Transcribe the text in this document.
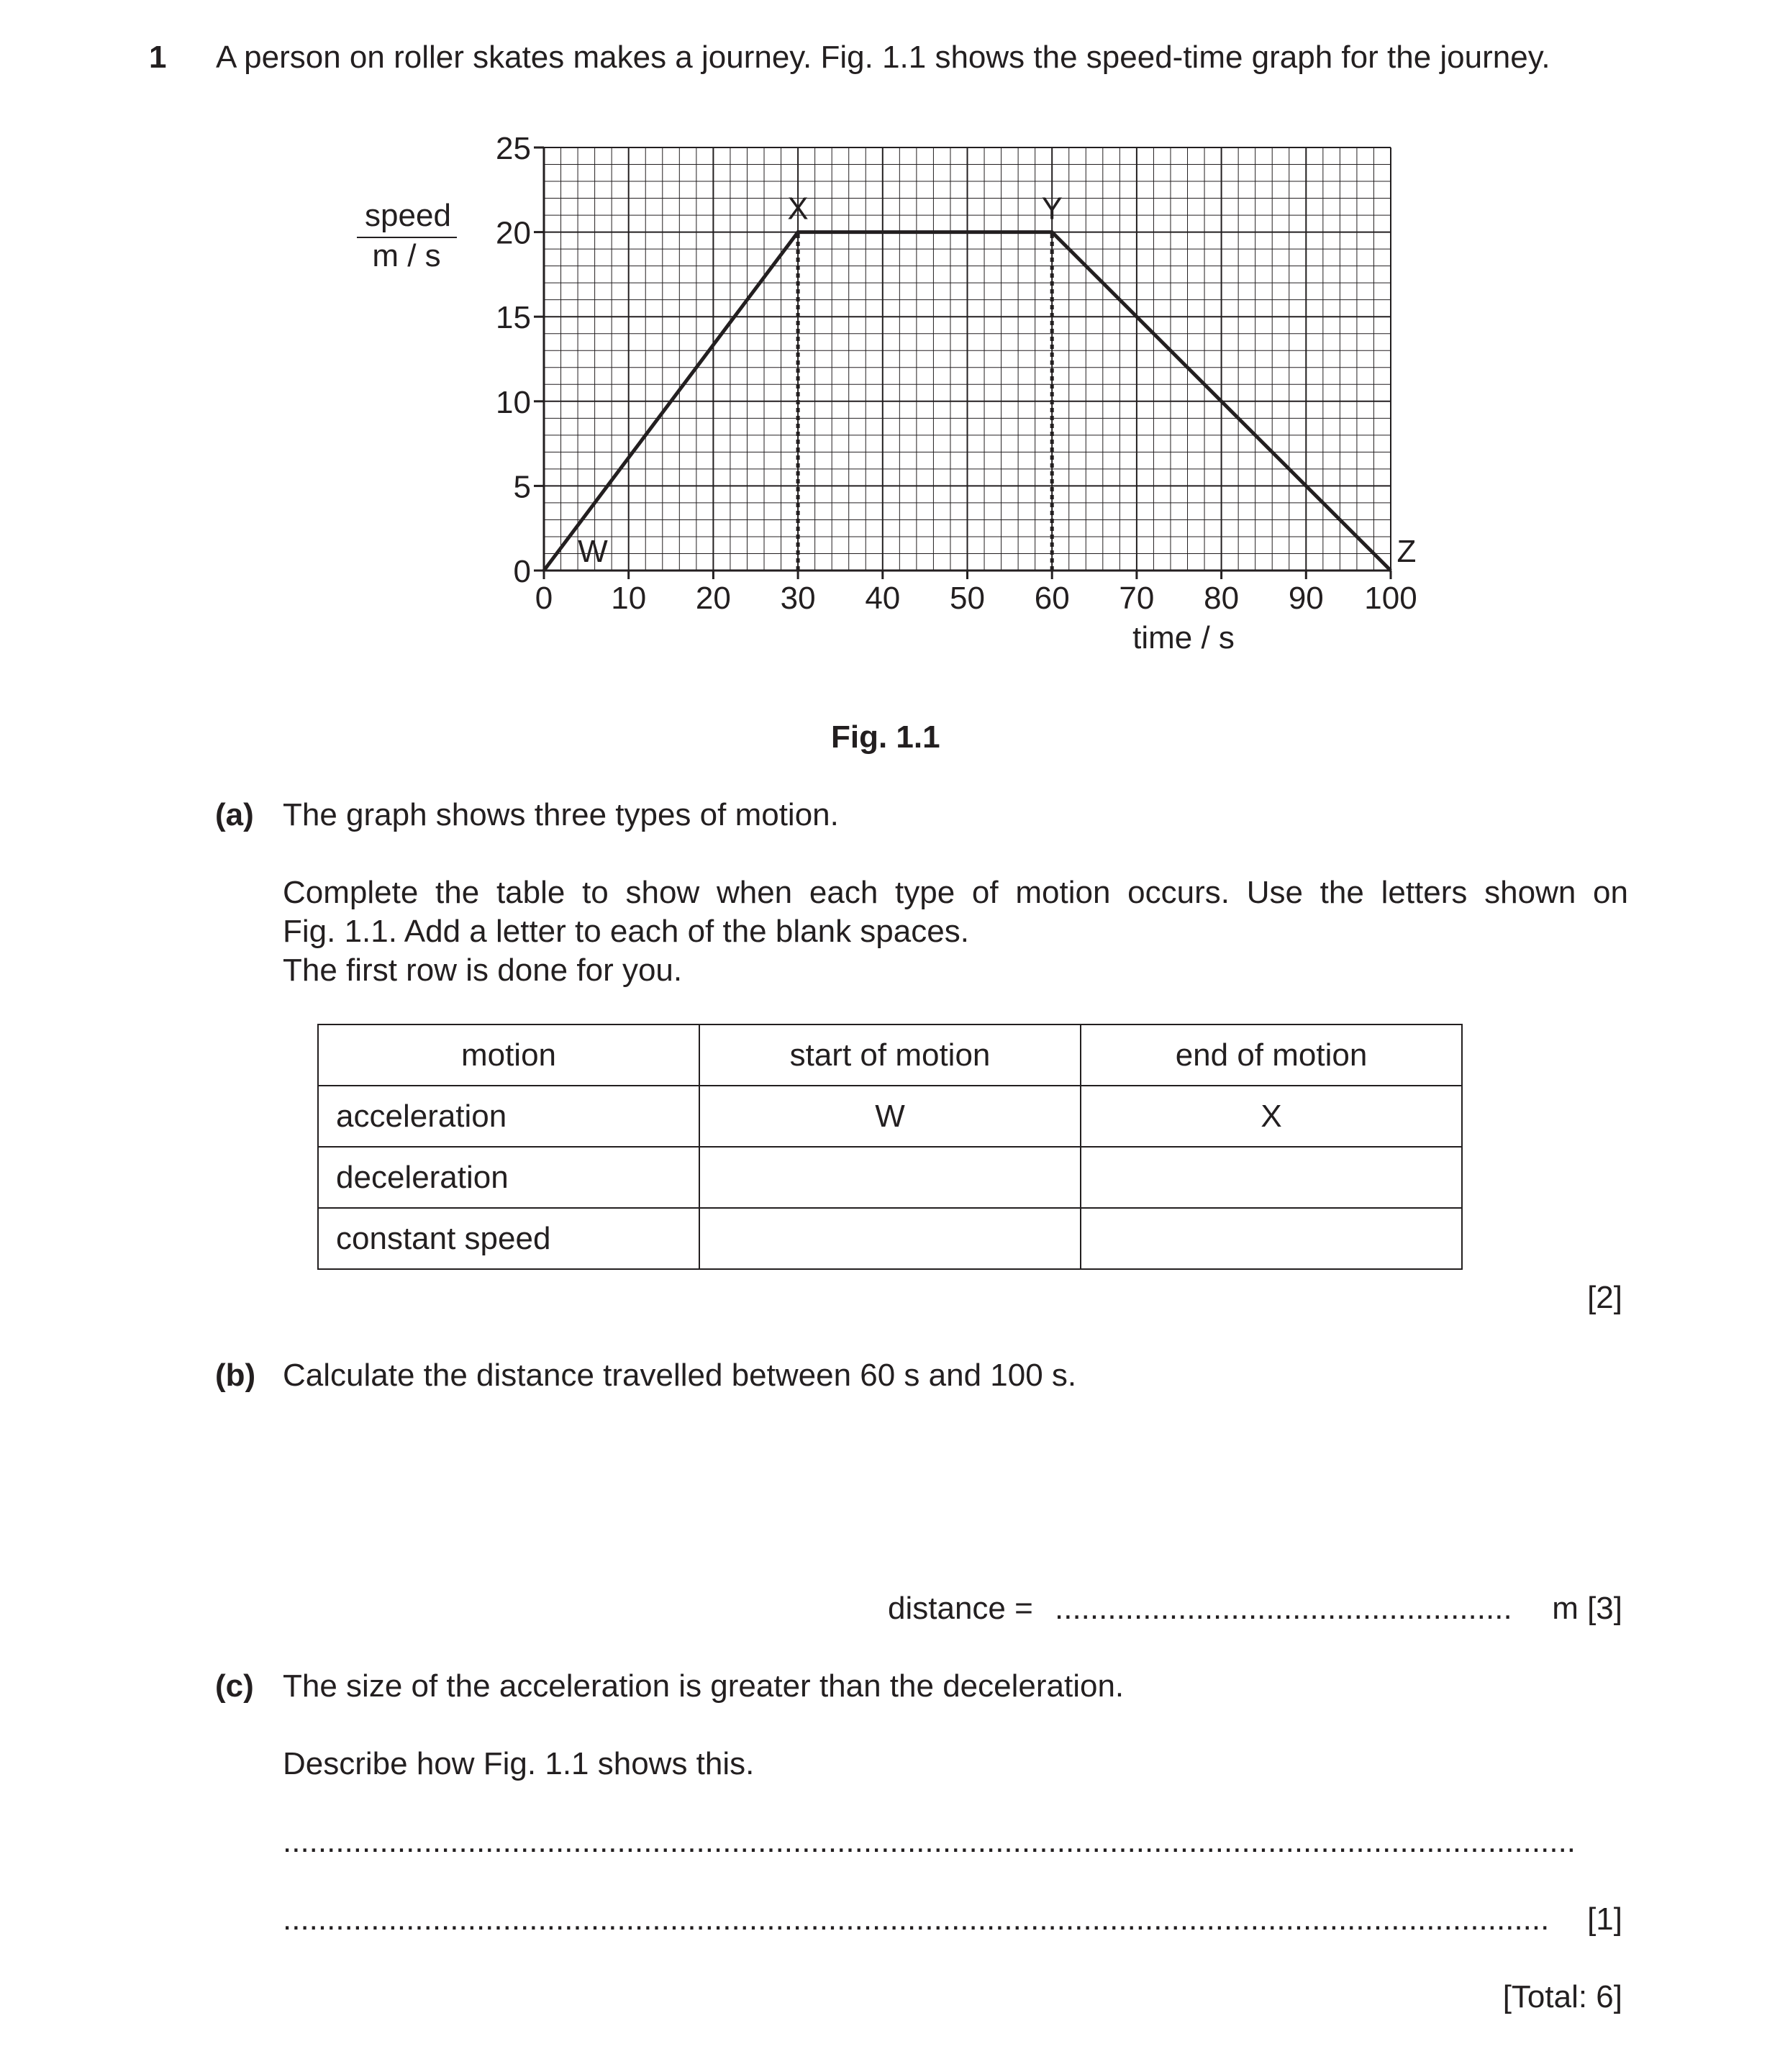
1 A person on roller skates makes a journey. Fig. 1.1 shows the speed-time graph for the journey.
0
5
10
15
20
25
0 10 20 30 40 50 60 70 80 90 100
W
X	Y
Z
speed
m / s
time / s
Fig. 1.1
(a) The graph shows three types of motion.
Complete the table to show when each type of motion occurs. Use the letters shown on
Fig. 1.1. Add a letter to each of the blank spaces.
The first row is done for you.
motion	start of motion	end of motion
acceleration	W	X
deceleration		
constant speed		
[2]
(b) Calculate the distance travelled between 60 s and 100 s.
distance = ....................................................	m [3]
(c) The size of the acceleration is greater than the deceleration.
Describe how Fig. 1.1 shows this.
...................................................................................................................................................
................................................................................................................................................	[1]
[Total: 6]
